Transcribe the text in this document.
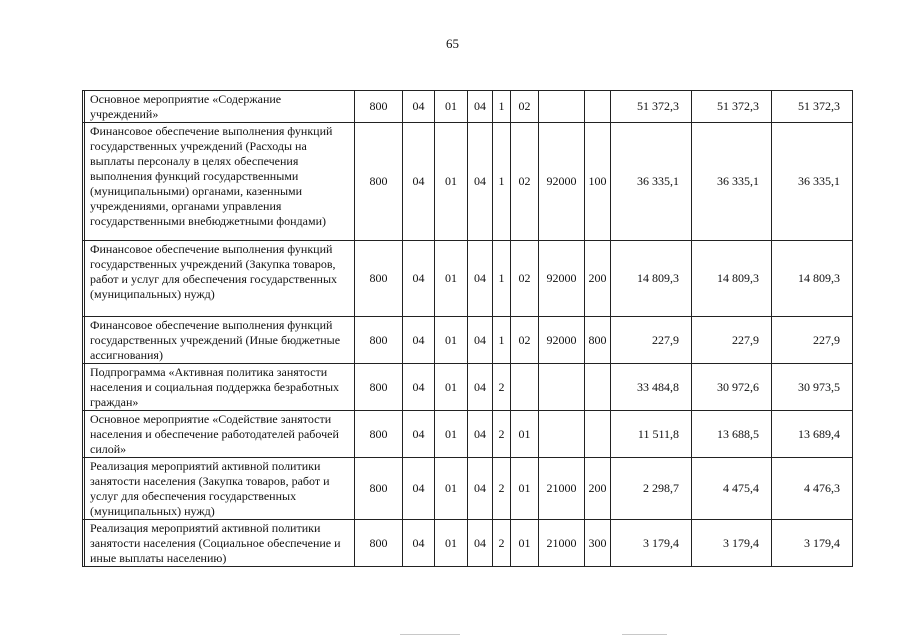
65
	Основное мероприятие «Содержание учреждений»	800	04	01	04	1	02			51 372,3	51 372,3	51 372,3
	Финансовое обеспечение выполнения функций государственных учреждений (Расходы на выплаты персоналу в целях обеспечения выполнения функций государственными (муниципальными) органами, казенными учреждениями, органами управления государственными внебюджетными фондами)	800	04	01	04	1	02	92000	100	36 335,1	36 335,1	36 335,1
	Финансовое обеспечение выполнения функций государственных учреждений (Закупка товаров, работ и услуг для обеспечения государственных (муниципальных) нужд)	800	04	01	04	1	02	92000	200	14 809,3	14 809,3	14 809,3
	Финансовое обеспечение выполнения функций государственных учреждений (Иные бюджетные ассигнования)	800	04	01	04	1	02	92000	800	227,9	227,9	227,9
	Подпрограмма «Активная политика занятости населения и социальная поддержка безработных граждан»	800	04	01	04	2				33 484,8	30 972,6	30 973,5
	Основное мероприятие «Содействие занятости населения и обеспечение работодателей рабочей силой»	800	04	01	04	2	01			11 511,8	13 688,5	13 689,4
	Реализация мероприятий активной политики занятости населения (Закупка товаров, работ и услуг для обеспечения государственных (муниципальных) нужд)	800	04	01	04	2	01	21000	200	2 298,7	4 475,4	4 476,3
	Реализация мероприятий активной политики занятости населения (Социальное обеспечение и иные выплаты населению)	800	04	01	04	2	01	21000	300	3 179,4	3 179,4	3 179,4
